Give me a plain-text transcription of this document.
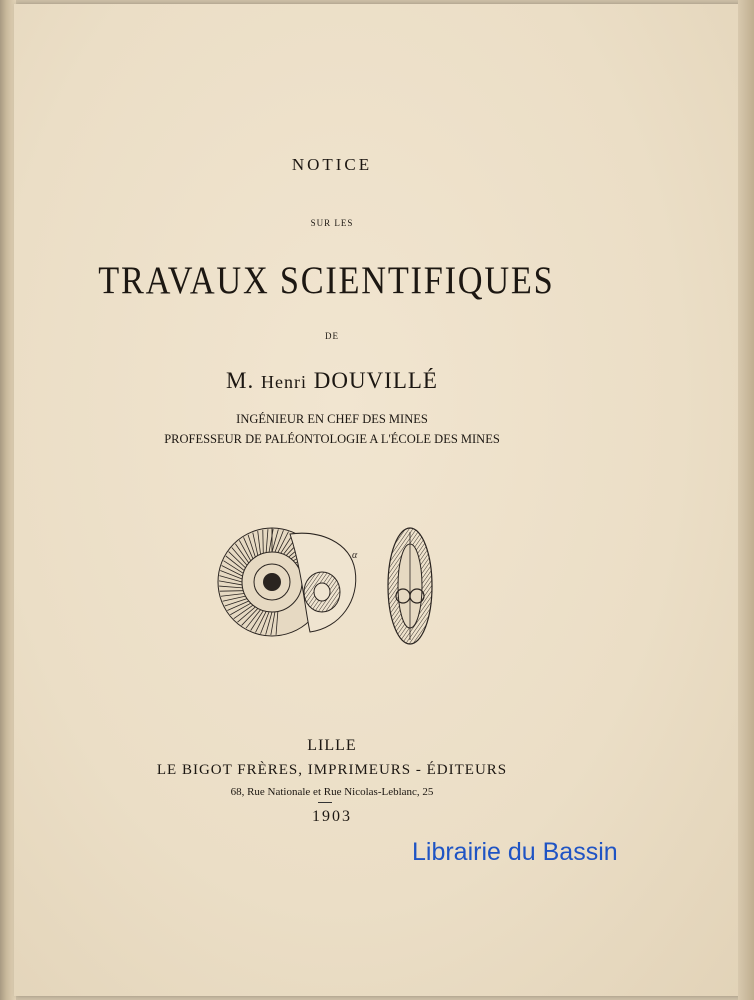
NOTICE
SUR LES
TRAVAUX SCIENTIFIQUES
DE
M. Henri DOUVILLÉ
INGÉNIEUR EN CHEF DES MINES
PROFESSEUR DE PALÉONTOLOGIE A L'ÉCOLE DES MINES
α
LILLE
LE BIGOT FRÈRES, IMPRIMEURS - ÉDITEURS
68, Rue Nationale et Rue Nicolas-Leblanc, 25
1903
Librairie du Bassin
